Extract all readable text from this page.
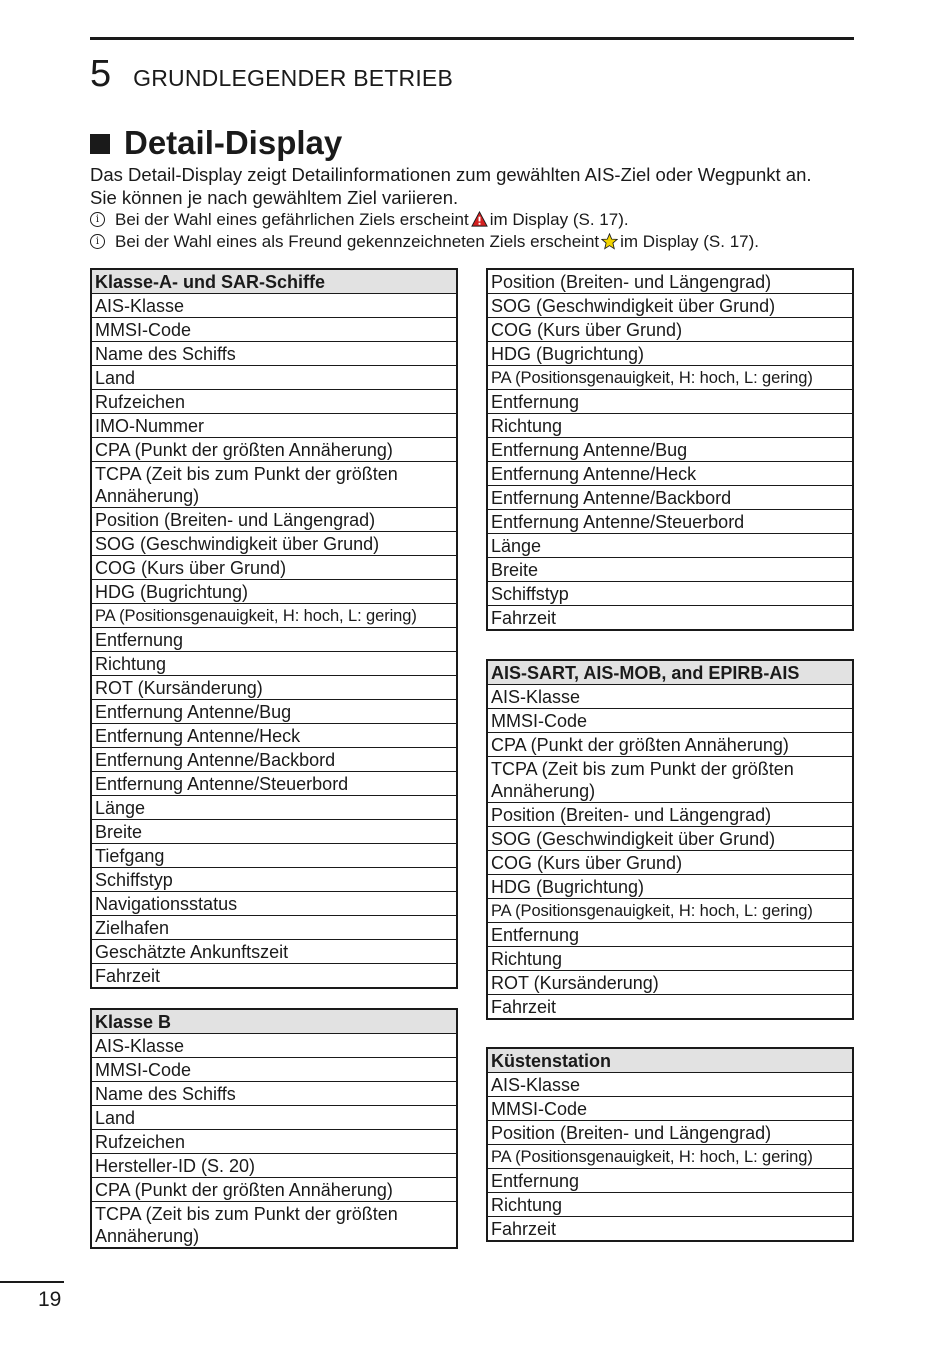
5 GRUNDLEGENDER BETRIEB
Detail-Display

Das Detail-Display zeigt Detailinformationen zum gewählten AIS-Ziel oder Wegpunkt an.

Sie können je nach gewähltem Ziel variieren.

i Bei der Wahl eines gefährlichen Ziels erscheint im Display (S. 17).
i Bei der Wahl eines als Freund gekennzeichneten Ziels erscheint im Display (S. 17).
Klasse-A- und SAR-Schiffe
AIS-Klasse
MMSI-Code
Name des Schiffs
Land
Rufzeichen
IMO-Nummer
CPA (Punkt der größten Annäherung)
TCPA (Zeit bis zum Punkt der größten Annäherung)
Position (Breiten- und Längengrad)
SOG (Geschwindigkeit über Grund)
COG (Kurs über Grund)
HDG (Bugrichtung)
PA (Positionsgenauigkeit, H: hoch, L: gering)
Entfernung
Richtung
ROT (Kursänderung)
Entfernung Antenne/Bug
Entfernung Antenne/Heck
Entfernung Antenne/Backbord
Entfernung Antenne/Steuerbord
Länge
Breite
Tiefgang
Schiffstyp
Navigationsstatus
Zielhafen
Geschätzte Ankunftszeit
Fahrzeit
Klasse B
AIS-Klasse
MMSI-Code
Name des Schiffs
Land
Rufzeichen
Hersteller-ID (S. 20)
CPA (Punkt der größten Annäherung)
TCPA (Zeit bis zum Punkt der größten Annäherung)
Position (Breiten- und Längengrad)
SOG (Geschwindigkeit über Grund)
COG (Kurs über Grund)
HDG (Bugrichtung)
PA (Positionsgenauigkeit, H: hoch, L: gering)
Entfernung
Richtung
Entfernung Antenne/Bug
Entfernung Antenne/Heck
Entfernung Antenne/Backbord
Entfernung Antenne/Steuerbord
Länge
Breite
Schiffstyp
Fahrzeit
AIS-SART, AIS-MOB, and EPIRB-AIS
AIS-Klasse
MMSI-Code
CPA (Punkt der größten Annäherung)
TCPA (Zeit bis zum Punkt der größten Annäherung)
Position (Breiten- und Längengrad)
SOG (Geschwindigkeit über Grund)
COG (Kurs über Grund)
HDG (Bugrichtung)
PA (Positionsgenauigkeit, H: hoch, L: gering)
Entfernung
Richtung
ROT (Kursänderung)
Fahrzeit
Küstenstation
AIS-Klasse
MMSI-Code
Position (Breiten- und Längengrad)
PA (Positionsgenauigkeit, H: hoch, L: gering)
Entfernung
Richtung
Fahrzeit
19
